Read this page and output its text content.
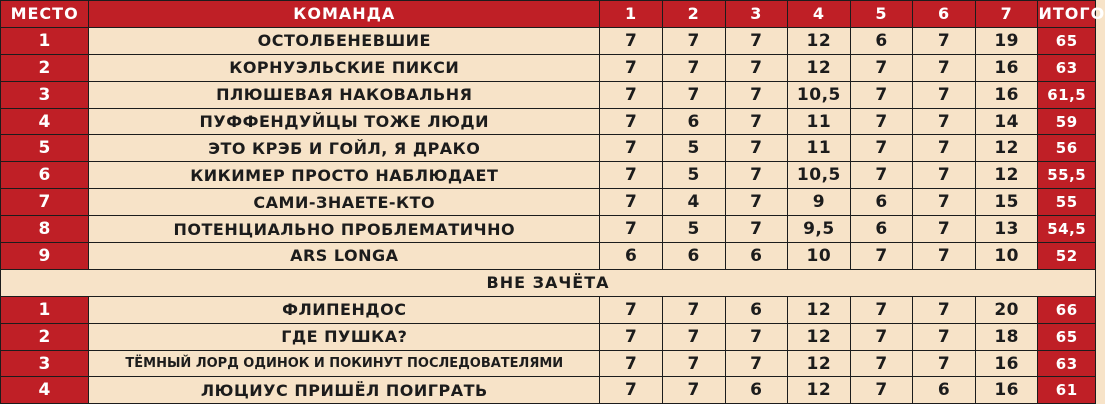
МЕСТО	КОМАНДА	1	2	3	4	5	6	7	ИТОГО
1	ОСТОЛБЕНЕВШИЕ	7	7	7	12	6	7	19	65
2	КОРНУЭЛЬСКИЕ ПИКСИ	7	7	7	12	7	7	16	63
3	ПЛЮШЕВАЯ НАКОВАЛЬНЯ	7	7	7	10,5	7	7	16	61,5
4	ПУФФЕНДУЙЦЫ ТОЖЕ ЛЮДИ	7	6	7	11	7	7	14	59
5	ЭТО КРЭБ И ГОЙЛ, Я ДРАКО	7	5	7	11	7	7	12	56
6	КИКИМЕР ПРОСТО НАБЛЮДАЕТ	7	5	7	10,5	7	7	12	55,5
7	САМИ-ЗНАЕТЕ-КТО	7	4	7	9	6	7	15	55
8	ПОТЕНЦИАЛЬНО ПРОБЛЕМАТИЧНО	7	5	7	9,5	6	7	13	54,5
9	ARS LONGA	6	6	6	10	7	7	10	52
ВНЕ ЗАЧЁТА									
1	ФЛИПЕНДОС	7	7	6	12	7	7	20	66
2	ГДЕ ПУШКА?	7	7	7	12	7	7	18	65
3	ТЁМНЫЙ ЛОРД ОДИНОК И ПОКИНУТ ПОСЛЕДОВАТЕЛЯМИ	7	7	7	12	7	7	16	63
4	ЛЮЦИУС ПРИШЁЛ ПОИГРАТЬ	7	7	6	12	7	6	16	61
